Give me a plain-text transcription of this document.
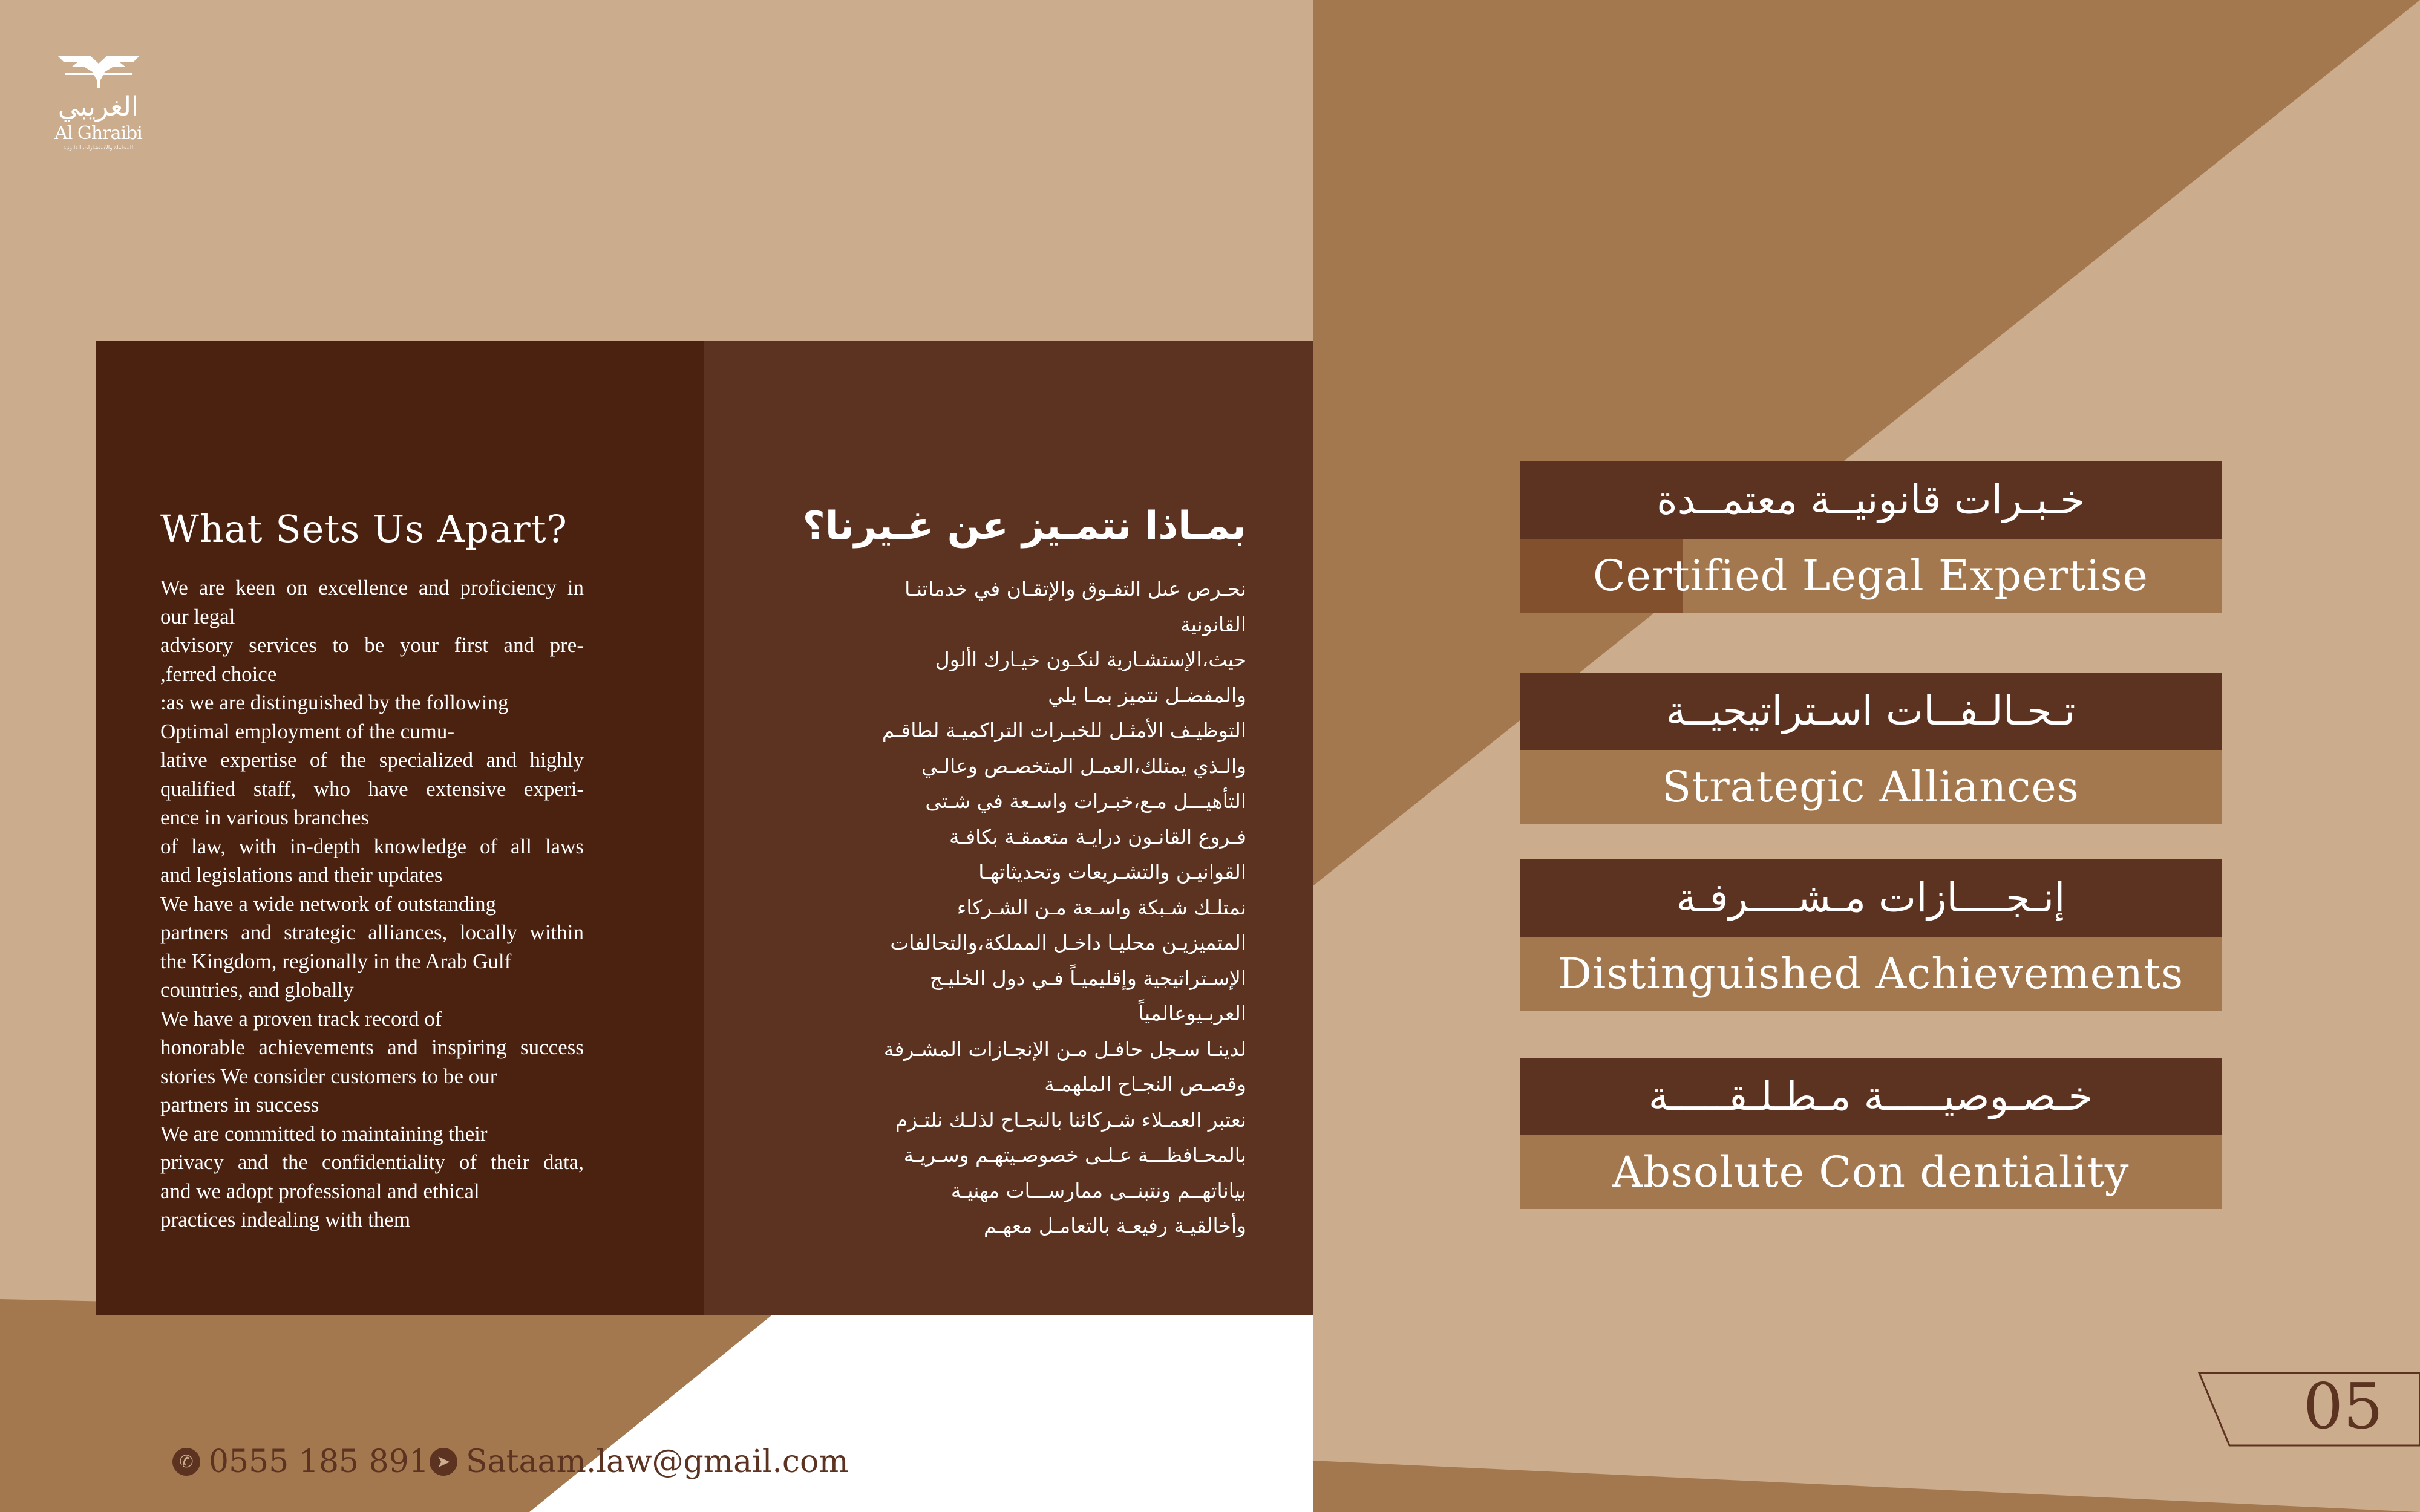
الغريبي
Al Ghraibi
للمحاماة والاستشارات القانونية
What Sets Us Apart?
We are keen on excellence and proficiency in
our legal
advisory services to be your first and pre-
,ferred choice
:as we are distinguished by the following
Optimal employment of the cumu-
lative expertise of the specialized and highly
qualified staff, who have extensive experi-
ence in various branches
of law, with in-depth knowledge of all laws
and legislations and their updates
We have a wide network of outstanding
partners and strategic alliances, locally within
the Kingdom, regionally in the Arab Gulf
countries, and globally
We have a proven track record of
honorable achievements and inspiring success
stories We consider customers to be our
partners in success
We are committed to maintaining their
privacy and the confidentiality of their data,
and we adopt professional and ethical
practices indealing with them
بمـاذا نتمـيز عن غـيرنا؟
نحـرص عىل التفـوق والإتقـان في خدماتنـا
القانونية
حيث،الإستشـارية لنكـون خيـارك األول
والمفضـل نتميز بمـا يلي
التوظيـف الأمثـل للخبـرات التراكميـة لطاقـم
والـذي يمتلك،العمـل المتخصـص وعالـي
التأهيـــل مـع،خبـرات واسـعة في شـتى
فـروع القانـون درايـة متعمقـة بكافـة
القوانيـن والتشـريعات وتحديثاتهـا
نمتلـك شـبكة واسـعة مـن الشـركاء
المتميزيـن محليـا داخـل المملكة،والتحالفات
الإسـتراتيجية وإقليميـاً فـي دول الخليـج
العربـيوعالمياً
لدينـا سـجل حافـل مـن الإنجـازات المشـرفة
وقصـص النجـاح الملهمـة
نعتبر العمـلاء شـركائنا بالنجـاح لذلـك نلتـزم
بالمحـافظـــة عـلـى خصوصـيتهـم وسـريـة
بياناتهــم ونتبنــى ممارســـات مهنيـة
وأخالقيـة رفيعـة بالتعامـل معهـم
خـبـرات قانونيــة معتمــدة
Certified Legal Expertise
تـحـالـفــات اسـتراتيجيــة
Strategic Alliances
إنـجــــازات مـشــــرفـة
Distinguished Achievements
خـصـوصيـــــة مـطـلـقـــــة
Absolute Con dentiality
✆ 0555 185 891 ➤ Sataam.law@gmail.com
05
